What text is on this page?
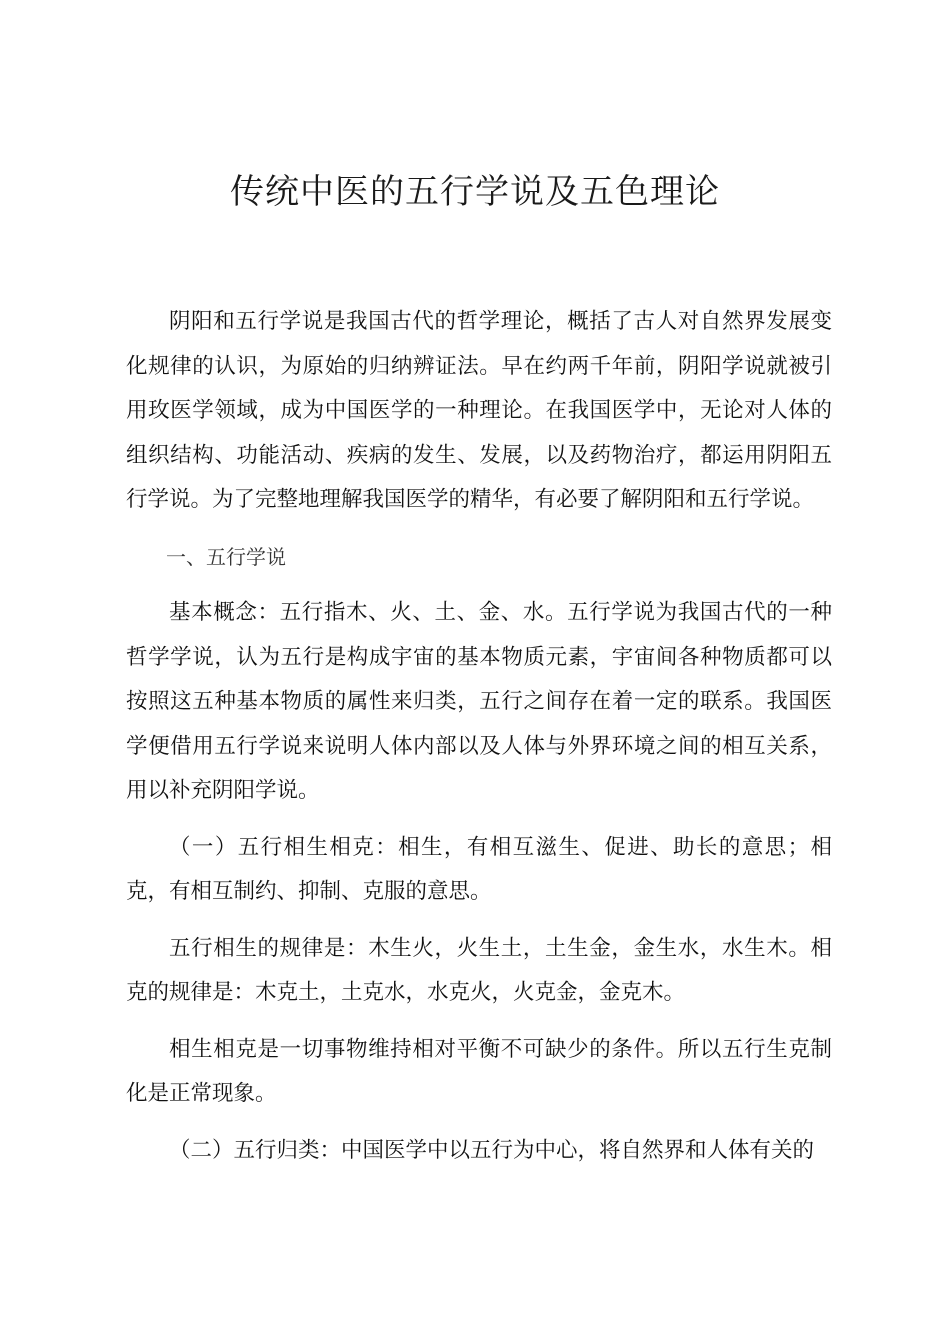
传统中医的五行学说及五色理论

阴阳和五行学说是我国古代的哲学理论，概括了古人对自然界发展变化规律的认识，为原始的归纳辨证法。早在约两千年前，阴阳学说就被引用玫医学领域，成为中国医学的一种理论。在我国医学中，无论对人体的组织结构、功能活动、疾病的发生、发展，以及药物治疗，都运用阴阳五行学说。为了完整地理解我国医学的精华，有必要了解阴阳和五行学说。

一、五行学说

基本概念：五行指木、火、土、金、水。五行学说为我国古代的一种哲学学说，认为五行是构成宇宙的基本物质元素，宇宙间各种物质都可以按照这五种基本物质的属性来归类，五行之间存在着一定的联系。我国医学便借用五行学说来说明人体内部以及人体与外界环境之间的相互关系，用以补充阴阳学说。

（一）五行相生相克：相生，有相互滋生、促进、助长的意思；相克，有相互制约、抑制、克服的意思。

五行相生的规律是：木生火，火生土，土生金，金生水，水生木。相克的规律是：木克土，土克水，水克火，火克金，金克木。

相生相克是一切事物维持相对平衡不可缺少的条件。所以五行生克制化是正常现象。

（二）五行归类：中国医学中以五行为中心，将自然界和人体有关的
